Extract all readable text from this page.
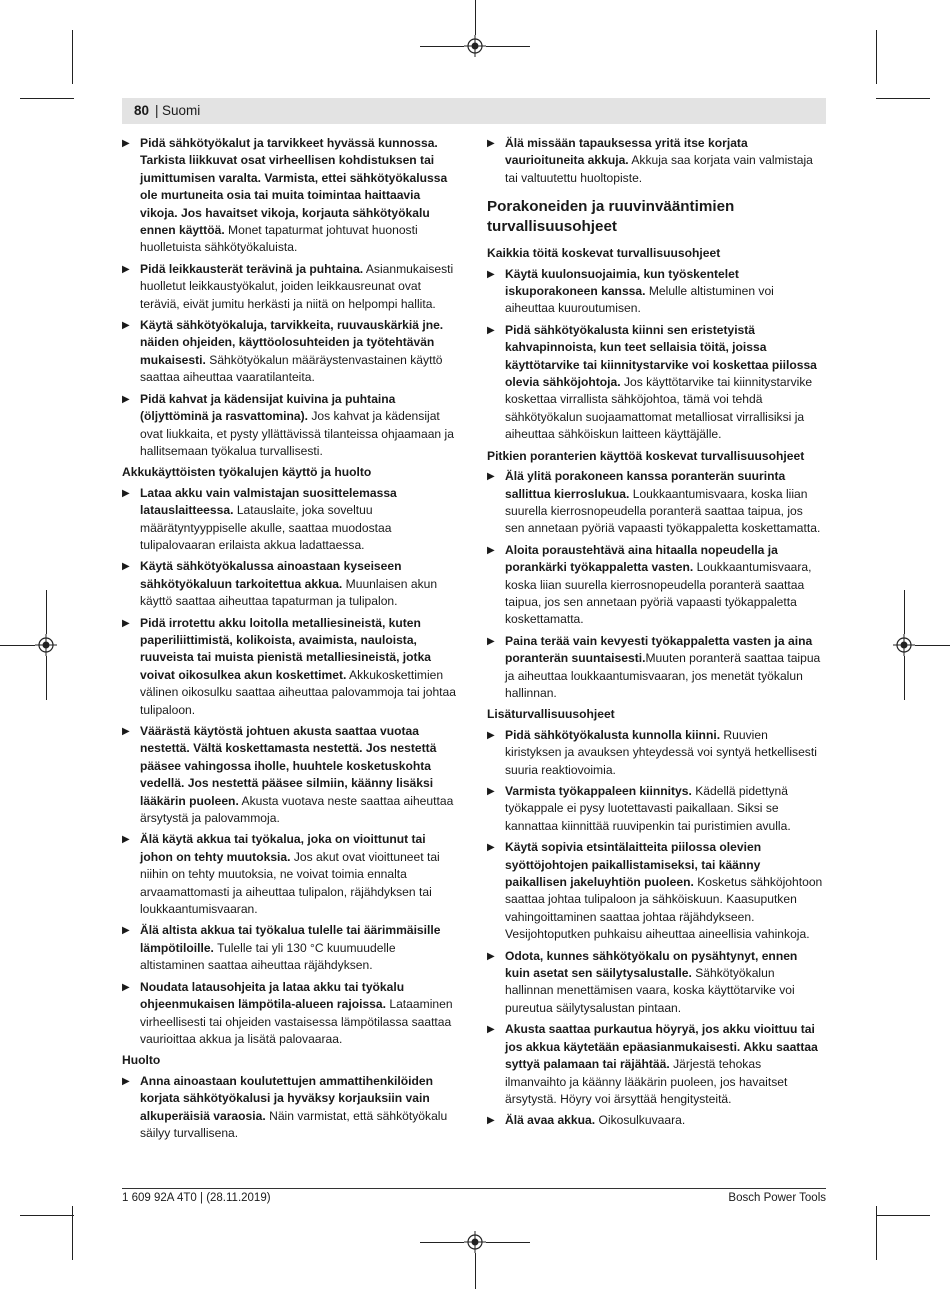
80 | Suomi
▶ Pidä sähkötyökalut ja tarvikkeet hyvässä kunnossa. Tarkista liikkuvat osat virheellisen kohdistuksen tai jumittumisen varalta. Varmista, ettei sähkötyökalussa ole murtuneita osia tai muita toimintaa haittaavia vikoja. Jos havaitset vikoja, korjauta sähkötyökalu ennen käyttöä. Monet tapaturmat johtuvat huonosti huolletuista sähkötyökaluista.
▶ Pidä leikkausterät terävinä ja puhtaina. Asianmukaisesti huolletut leikkaustyökalut, joiden leikkausreunat ovat teräviä, eivät jumitu herkästi ja niitä on helpompi hallita.
▶ Käytä sähkötyökaluja, tarvikkeita, ruuvauskärkiä jne. näiden ohjeiden, käyttöolosuhteiden ja työtehtävän mukaisesti. Sähkötyökalun määräystenvastainen käyttö saattaa aiheuttaa vaaratilanteita.
▶ Pidä kahvat ja kädensijat kuivina ja puhtaina (öljyttöminä ja rasvattomina). Jos kahvat ja kädensijat ovat liukkaita, et pysty yllättävissä tilanteissa ohjaamaan ja hallitsemaan työkalua turvallisesti.
Akkukäyttöisten työkalujen käyttö ja huolto
▶ Lataa akku vain valmistajan suosittelemassa latauslaitteessa. Latauslaite, joka soveltuu määrätyntyyppiselle akulle, saattaa muodostaa tulipalovaaran erilaista akkua ladattaessa.
▶ Käytä sähkötyökalussa ainoastaan kyseiseen sähkötyökaluun tarkoitettua akkua. Muunlaisen akun käyttö saattaa aiheuttaa tapaturman ja tulipalon.
▶ Pidä irrotettu akku loitolla metalliesineistä, kuten paperiliittimistä, kolikoista, avaimista, nauloista, ruuveista tai muista pienistä metalliesineistä, jotka voivat oikosulkea akun koskettimet. Akkukoskettimien välinen oikosulku saattaa aiheuttaa palovammoja tai johtaa tulipaloon.
▶ Väärästä käytöstä johtuen akusta saattaa vuotaa nestettä. Vältä koskettamasta nestettä. Jos nestettä pääsee vahingossa iholle, huuhtele kosketuskohta vedellä. Jos nestettä pääsee silmiin, käänny lisäksi lääkärin puoleen. Akusta vuotava neste saattaa aiheuttaa ärsytystä ja palovammoja.
▶ Älä käytä akkua tai työkalua, joka on vioittunut tai johon on tehty muutoksia. Jos akut ovat vioittuneet tai niihin on tehty muutoksia, ne voivat toimia ennalta arvaamattomasti ja aiheuttaa tulipalon, räjähdyksen tai loukkaantumisvaaran.
▶ Älä altista akkua tai työkalua tulelle tai äärimmäisille lämpötiloille. Tulelle tai yli 130 °C kuumuudelle altistaminen saattaa aiheuttaa räjähdyksen.
▶ Noudata latausohjeita ja lataa akku tai työkalu ohjeenmukaisen lämpötila-alueen rajoissa. Lataaminen virheellisesti tai ohjeiden vastaisessa lämpötilassa saattaa vaurioittaa akkua ja lisätä palovaaraa.
Huolto
▶ Anna ainoastaan koulutettujen ammattihenkilöiden korjata sähkötyökalusi ja hyväksy korjauksiin vain alkuperäisiä varaosia. Näin varmistat, että sähkötyökalu säilyy turvallisena.
▶ Älä missään tapauksessa yritä itse korjata vaurioituneita akkuja. Akkuja saa korjata vain valmistaja tai valtuutettu huoltopiste.
Porakoneiden ja ruuvinvääntimien turvallisuusohjeet
Kaikkia töitä koskevat turvallisuusohjeet
▶ Käytä kuulonsuojaimia, kun työskentelet iskuporakoneen kanssa. Melulle altistuminen voi aiheuttaa kuuroutumisen.
▶ Pidä sähkötyökalusta kiinni sen eristetyistä kahvapinnoista, kun teet sellaisia töitä, joissa käyttötarvike tai kiinnitystarvike voi koskettaa piilossa olevia sähköjohtoja. Jos käyttötarvike tai kiinnitystarvike koskettaa virrallista sähköjohtoa, tämä voi tehdä sähkötyökalun suojaamattomat metalliosat virrallisiksi ja aiheuttaa sähköiskun laitteen käyttäjälle.
Pitkien poranterien käyttöä koskevat turvallisuusohjeet
▶ Älä ylitä porakoneen kanssa poranterän suurinta sallittua kierroslukua. Loukkaantumisvaara, koska liian suurella kierrosnopeudella poranterä saattaa taipua, jos sen annetaan pyöriä vapaasti työkappaletta koskettamatta.
▶ Aloita poraustehtävä aina hitaalla nopeudella ja porankärki työkappaletta vasten. Loukkaantumisvaara, koska liian suurella kierrosnopeudella poranterä saattaa taipua, jos sen annetaan pyöriä vapaasti työkappaletta koskettamatta.
▶ Paina terää vain kevyesti työkappaletta vasten ja aina poranterän suuntaisesti.Muuten poranterä saattaa taipua ja aiheuttaa loukkaantumisvaaran, jos menetät työkalun hallinnan.
Lisäturvallisuusohjeet
▶ Pidä sähkötyökalusta kunnolla kiinni. Ruuvien kiristyksen ja avauksen yhteydessä voi syntyä hetkellisesti suuria reaktiovoimia.
▶ Varmista työkappaleen kiinnitys. Kädellä pidettynä työkappale ei pysy luotettavasti paikallaan. Siksi se kannattaa kiinnittää ruuvipenkin tai puristimien avulla.
▶ Käytä sopivia etsintälaitteita piilossa olevien syöttöjohtojen paikallistamiseksi, tai käänny paikallisen jakeluyhtiön puoleen. Kosketus sähköjohtoon saattaa johtaa tulipaloon ja sähköiskuun. Kaasuputken vahingoittaminen saattaa johtaa räjähdykseen. Vesijohtoputken puhkaisu aiheuttaa aineellisia vahinkoja.
▶ Odota, kunnes sähkötyökalu on pysähtynyt, ennen kuin asetat sen säilytysalustalle. Sähkötyökalun hallinnan menettämisen vaara, koska käyttötarvike voi pureutua säilytysalustan pintaan.
▶ Akusta saattaa purkautua höyryä, jos akku vioittuu tai jos akkua käytetään epäasianmukaisesti. Akku saattaa syttyä palamaan tai räjähtää. Järjestä tehokas ilmanvaihto ja käänny lääkärin puoleen, jos havaitset ärsytystä. Höyry voi ärsyttää hengitysteitä.
▶ Älä avaa akkua. Oikosulkuvaara.
1 609 92A 4T0 | (28.11.2019)	Bosch Power Tools
